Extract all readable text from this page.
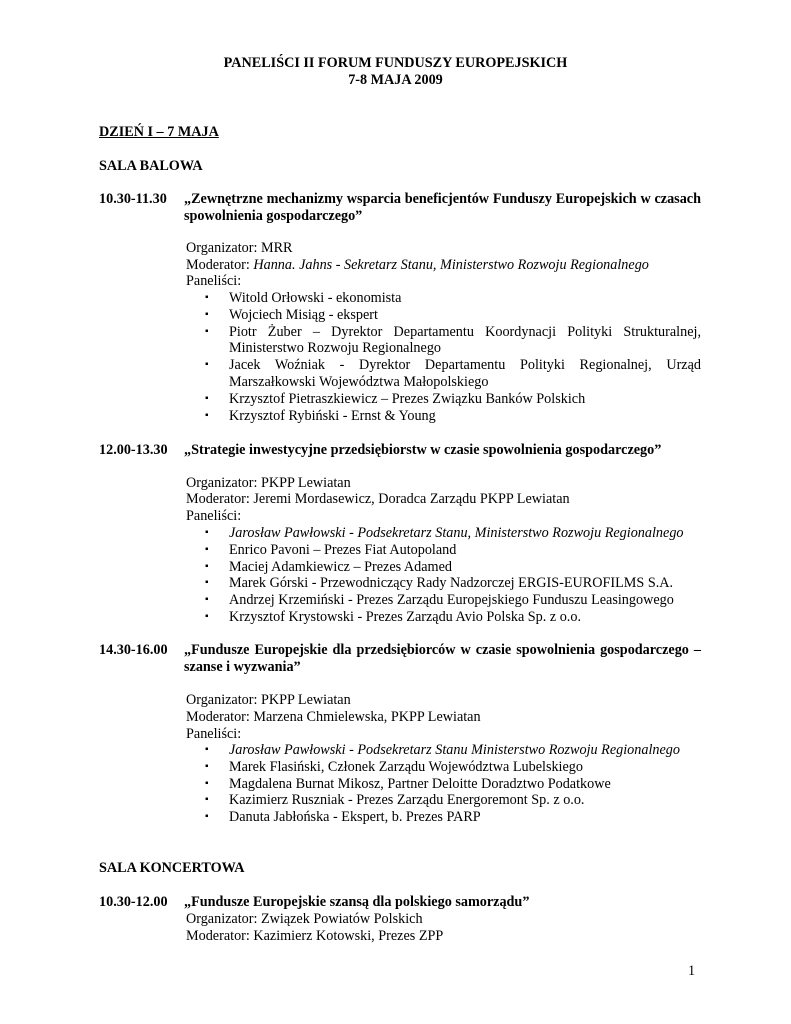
PANELIŚCI II FORUM FUNDUSZY EUROPEJSKICH
7-8 MAJA 2009
DZIEŃ I – 7 MAJA
SALA BALOWA
10.30-11.30 „Zewnętrzne mechanizmy wsparcia beneficjentów Funduszy Europejskich w czasach spowolnienia gospodarczego”
Organizator: MRR
Moderator: Hanna. Jahns - Sekretarz Stanu, Ministerstwo Rozwoju Regionalnego
Paneliści:
▪ Witold Orłowski - ekonomista
▪ Wojciech Misiąg - ekspert
▪ Piotr Żuber – Dyrektor Departamentu Koordynacji Polityki Strukturalnej, Ministerstwo Rozwoju Regionalnego
▪ Jacek Woźniak - Dyrektor Departamentu Polityki Regionalnej, Urząd Marszałkowski Województwa Małopolskiego
▪ Krzysztof Pietraszkiewicz – Prezes Związku Banków Polskich
▪ Krzysztof Rybiński - Ernst & Young
12.00-13.30 „Strategie inwestycyjne przedsiębiorstw w czasie spowolnienia gospodarczego”
Organizator: PKPP Lewiatan
Moderator: Jeremi Mordasewicz, Doradca Zarządu PKPP Lewiatan
Paneliści:
▪ Jarosław Pawłowski - Podsekretarz Stanu, Ministerstwo Rozwoju Regionalnego
▪ Enrico Pavoni – Prezes Fiat Autopoland
▪ Maciej Adamkiewicz – Prezes Adamed
▪ Marek Górski - Przewodniczący Rady Nadzorczej ERGIS-EUROFILMS S.A.
▪ Andrzej Krzemiński - Prezes Zarządu Europejskiego Funduszu Leasingowego
▪ Krzysztof Krystowski - Prezes Zarządu Avio Polska Sp. z o.o.
14.30-16.00 „Fundusze Europejskie dla przedsiębiorców w czasie spowolnienia gospodarczego – szanse i wyzwania”
Organizator: PKPP Lewiatan
Moderator: Marzena Chmielewska, PKPP Lewiatan
Paneliści:
▪ Jarosław Pawłowski - Podsekretarz Stanu Ministerstwo Rozwoju Regionalnego
▪ Marek Flasiński, Członek Zarządu Województwa Lubelskiego
▪ Magdalena Burnat Mikosz, Partner Deloitte Doradztwo Podatkowe
▪ Kazimierz Ruszniak - Prezes Zarządu Energoremont Sp. z o.o.
▪ Danuta Jabłońska - Ekspert, b. Prezes PARP
SALA KONCERTOWA
10.30-12.00 „Fundusze Europejskie szansą dla polskiego samorządu”
Organizator: Związek Powiatów Polskich
Moderator: Kazimierz Kotowski, Prezes ZPP
1
